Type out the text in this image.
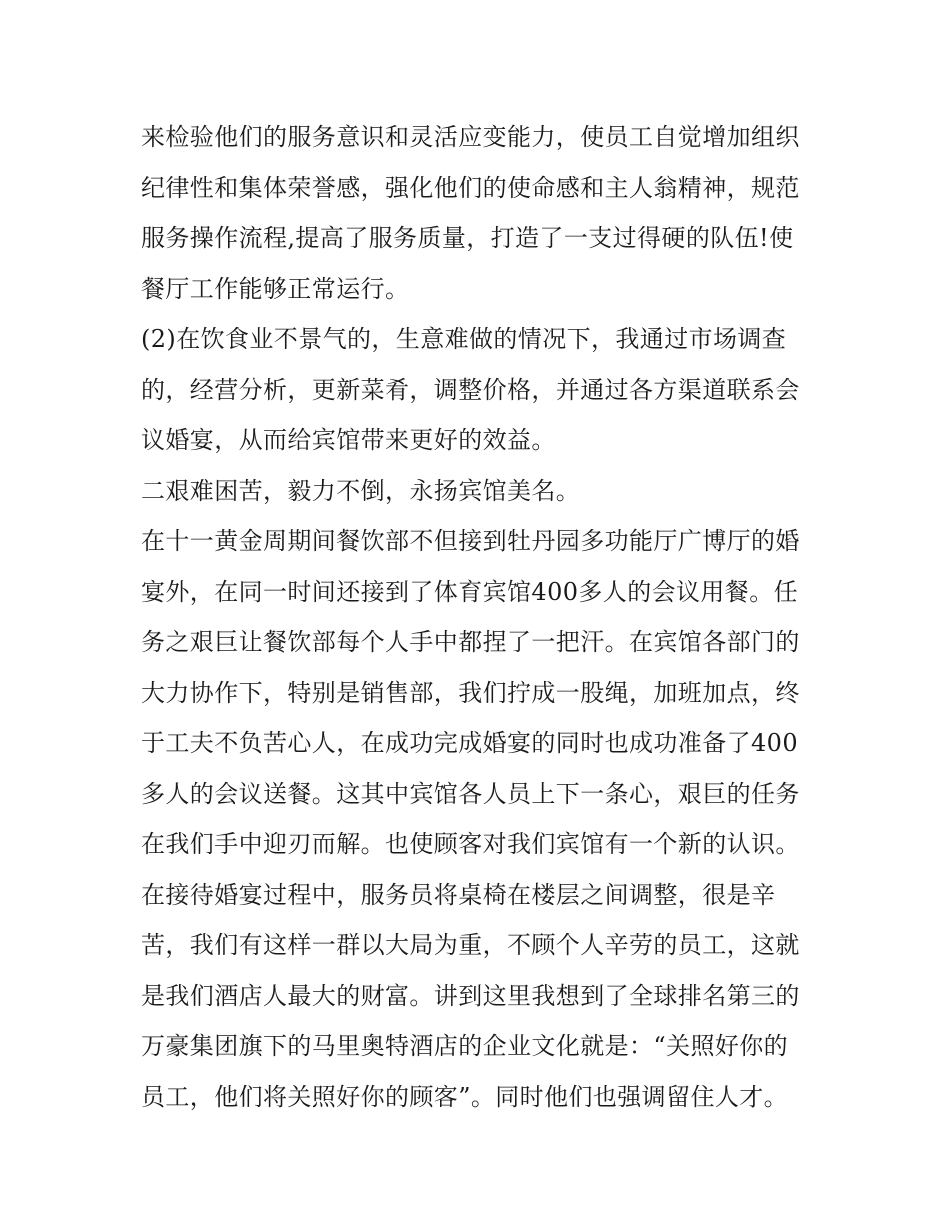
来检验他们的服务意识和灵活应变能力，使员工自觉增加组织
纪律性和集体荣誉感，强化他们的使命感和主人翁精神，规范
服务操作流程,提高了服务质量，打造了一支过得硬的队伍!使
餐厅工作能够正常运行。
(2)在饮食业不景气的，生意难做的情况下，我通过市场调查
的，经营分析，更新菜肴，调整价格，并通过各方渠道联系会
议婚宴，从而给宾馆带来更好的效益。
二艰难困苦，毅力不倒，永扬宾馆美名。
在十一黄金周期间餐饮部不但接到牡丹园多功能厅广博厅的婚
宴外，在同一时间还接到了体育宾馆400多人的会议用餐。任
务之艰巨让餐饮部每个人手中都捏了一把汗。在宾馆各部门的
大力协作下，特别是销售部，我们拧成一股绳，加班加点，终
于工夫不负苦心人，在成功完成婚宴的同时也成功准备了400
多人的会议送餐。这其中宾馆各人员上下一条心，艰巨的任务
在我们手中迎刃而解。也使顾客对我们宾馆有一个新的认识。
在接待婚宴过程中，服务员将桌椅在楼层之间调整，很是辛
苦，我们有这样一群以大局为重，不顾个人辛劳的员工，这就
是我们酒店人最大的财富。讲到这里我想到了全球排名第三的
万豪集团旗下的马里奥特酒店的企业文化就是：“关照好你的
员工，他们将关照好你的顾客”。同时他们也强调留住人才。
